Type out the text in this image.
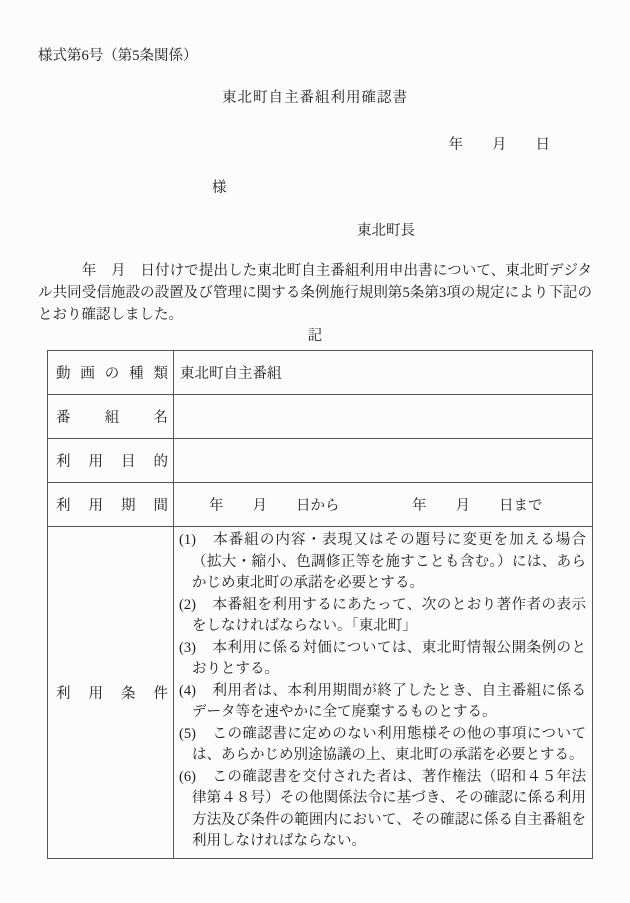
様式第6号（第5条関係）
東北町自主番組利用確認書
年　　月　　日
様
東北町長

　　　年　月　日付けで提出した東北町自主番組利用申出書について、東北町デジタル共同受信施設の設置及び管理に関する条例施行規則第5条第3項の規定により下記のとおり確認しました。

記
動 画 の 種 類	東北町自主番組

番 組 名	

利 用 目 的	

利 用 期 間	　　年　　月　　日から　　　　　年　　月　　日まで

利 用 条 件

(1) 本番組の内容・表現又はその題号に変更を加える場合（拡大・縮小、色調修正等を施すことも含む。）には、あらかじめ東北町の承諾を必要とする。
(2) 本番組を利用するにあたって、次のとおり著作者の表示をしなければならない。「東北町」
(3) 本利用に係る対価については、東北町情報公開条例のとおりとする。
(4) 利用者は、本利用期間が終了したとき、自主番組に係るデータ等を速やかに全て廃棄するものとする。
(5) この確認書に定めのない利用態様その他の事項については、あらかじめ別途協議の上、東北町の承諾を必要とする。
(6) この確認書を交付された者は、著作権法（昭和４５年法律第４８号）その他関係法令に基づき、その確認に係る利用方法及び条件の範囲内において、その確認に係る自主番組を利用しなければならない。
